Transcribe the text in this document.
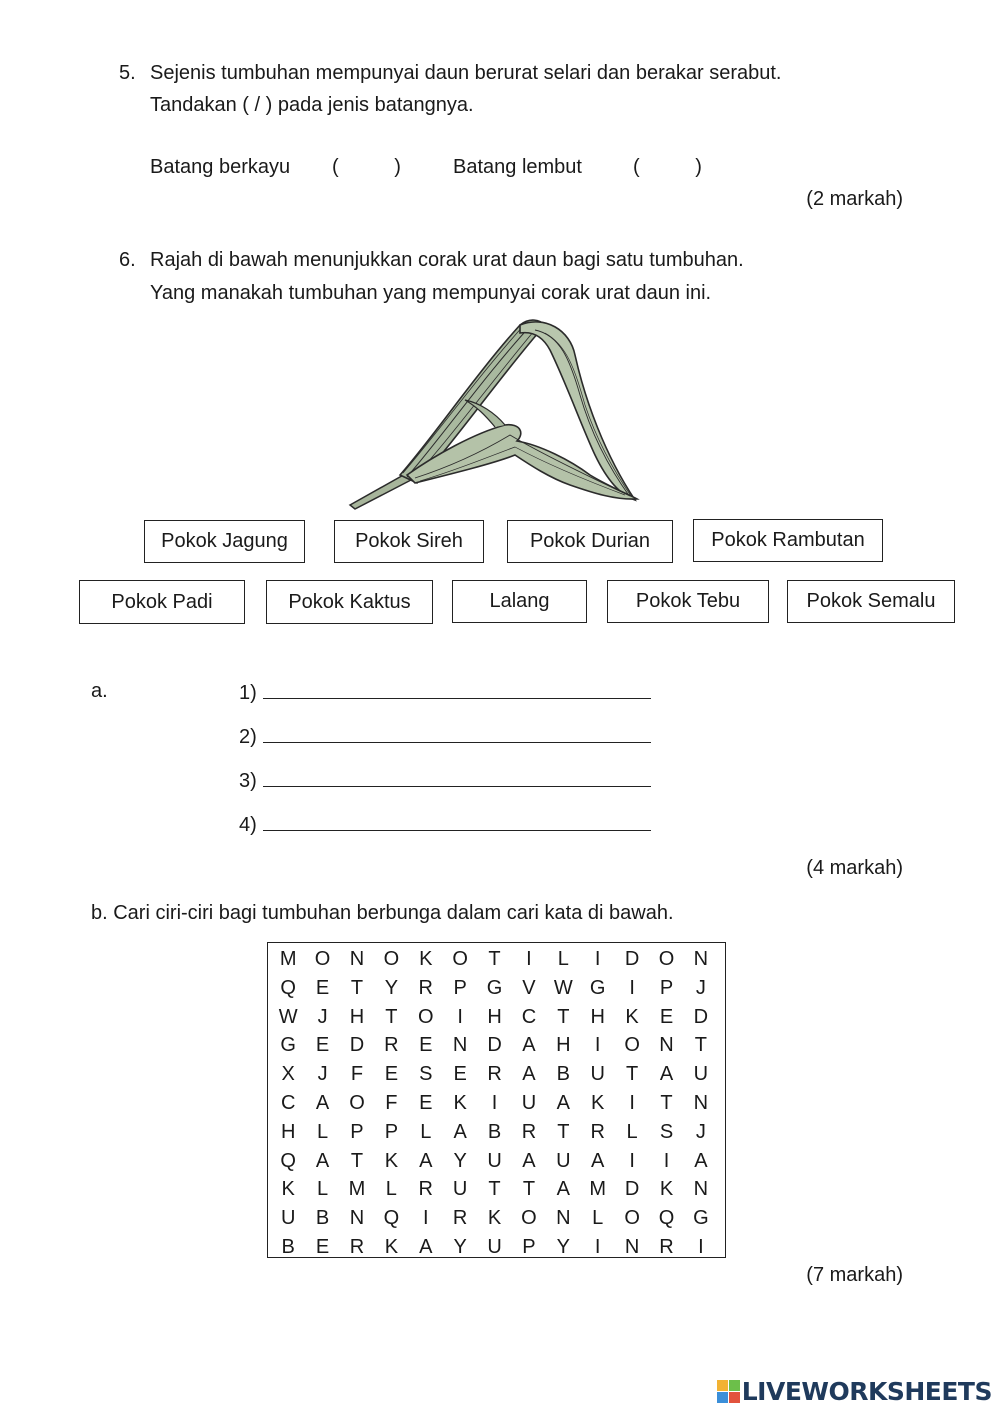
5. Sejenis tumbuhan mempunyai daun berurat selari dan berakar serabut.
Tandakan ( / ) pada jenis batangnya.
Batang berkayu (          )	Batang lembut	(          )
(2 markah)
6. Rajah di bawah menunjukkan corak urat daun bagi satu tumbuhan.
Yang manakah tumbuhan yang mempunyai corak urat daun ini.
Pokok Jagung	Pokok Sireh	Pokok Durian	Pokok Rambutan
Pokok Padi	Pokok Kaktus	Lalang	Pokok Tebu	Pokok Semalu
a.	1)
2)
3)
4)
(4 markah)
b. Cari ciri-ciri bagi tumbuhan berbunga dalam cari kata di bawah.
M O N O K O	T	I	L	I	D O N
Q E	T	Y	R	P G V W G	I	P	J
W J	H	T	O	I	H C	T	H	K	E	D
G E	D R	E	N D	A	H	I	O N	T
X	J	F	E	S	E	R	A	B	U	T	A	U
C	A O	F	E	K	I	U	A	K	I	T	N
H	L	P	P	L	A	B	R	T	R	L	S	J
Q A	T	K	A	Y	U	A	U	A	I	I	A
K	L	M	L	R U	T	T	A M D	K	N
U	B	N Q	I	R	K O N	L	O Q G
B	E	R	K	A	Y	U	P	Y	I	N R	I
(7 markah)
LIVEWORKSHEETS
